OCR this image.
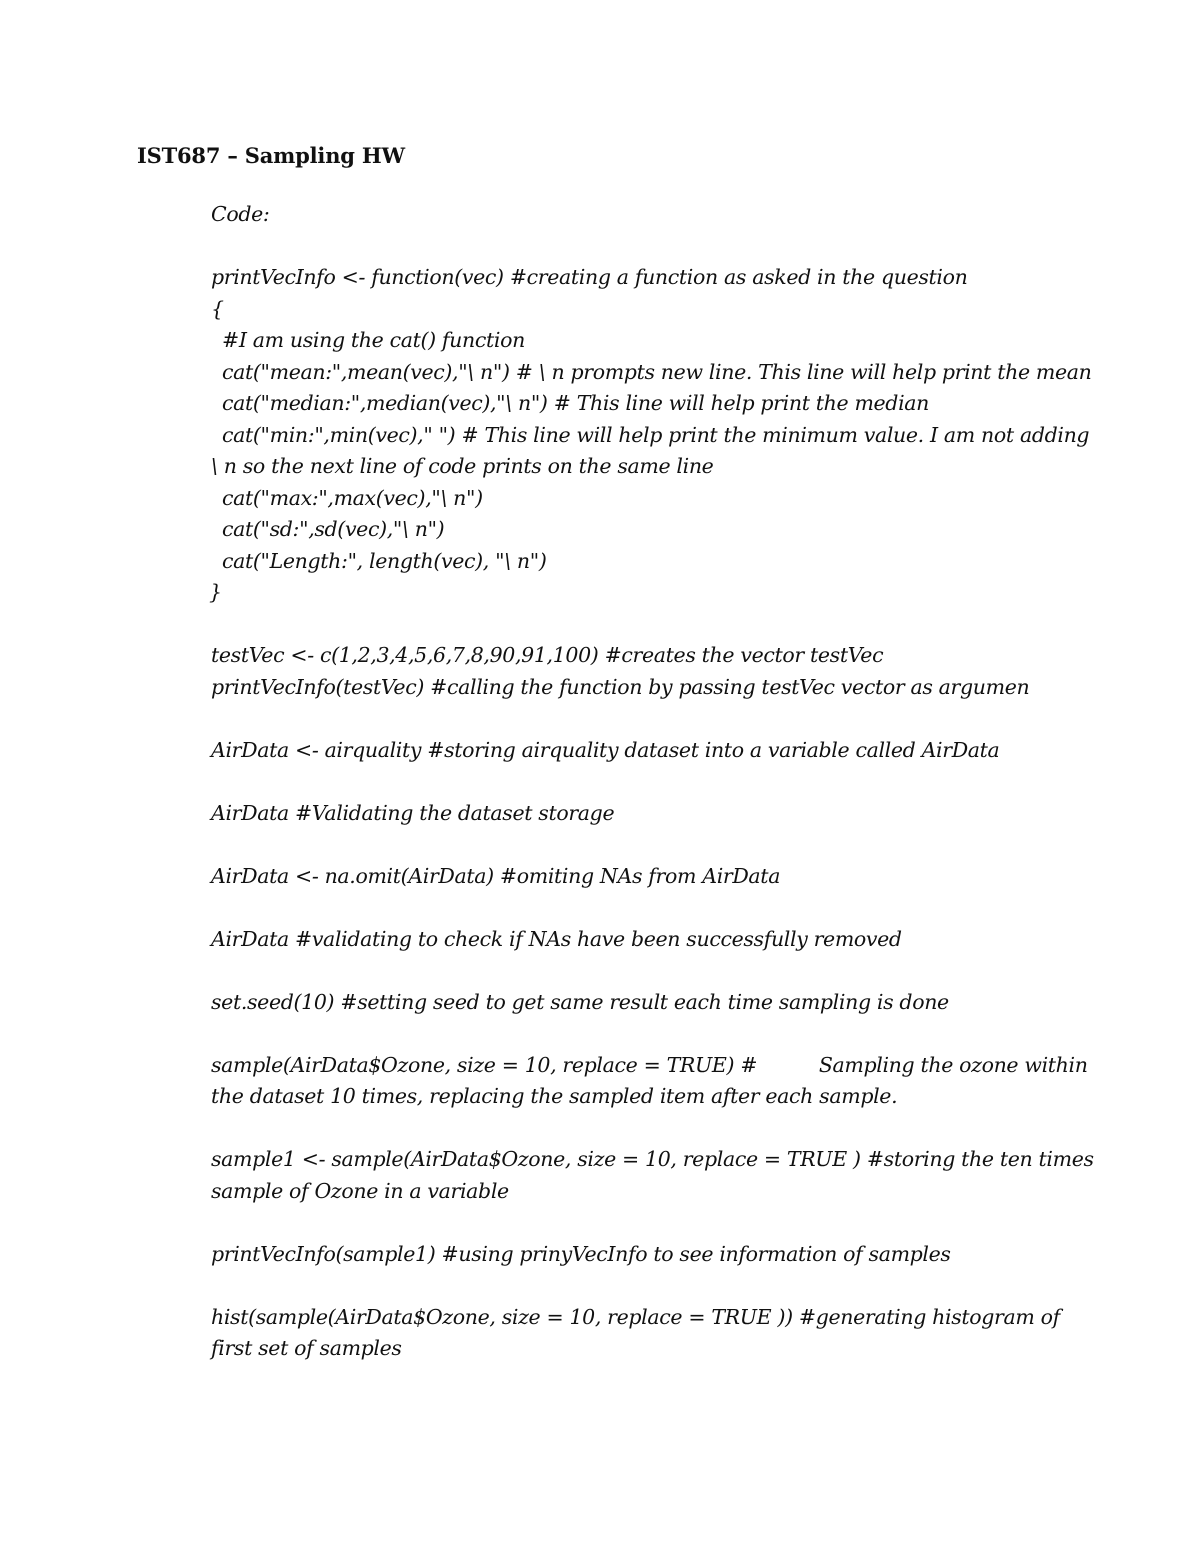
IST687 – Sampling HW
Code:
printVecInfo <- function(vec) #creating a function as asked in the question
{
#I am using the cat() function
cat("mean:",mean(vec),"\ n") # \ n prompts new line. This line will help print the mean
cat("median:",median(vec),"\ n") # This line will help print the median
cat("min:",min(vec)," ") # This line will help print the minimum value. I am not adding
\ n so the next line of code prints on the same line
cat("max:",max(vec),"\ n")
cat("sd:",sd(vec),"\ n")
cat("Length:", length(vec), "\ n")
}
testVec <- c(1,2,3,4,5,6,7,8,90,91,100) #creates the vector testVec
printVecInfo(testVec) #calling the function by passing testVec vector as argumen
AirData <- airquality #storing airquality dataset into a variable called AirData
AirData #Validating the dataset storage
AirData <- na.omit(AirData) #omiting NAs from AirData
AirData #validating to check if NAs have been successfully removed
set.seed(10) #setting seed to get same result each time sampling is done
sample(AirData$Ozone, size = 10, replace = TRUE) #          Sampling the ozone within
the dataset 10 times, replacing the sampled item after each sample.
sample1 <- sample(AirData$Ozone, size = 10, replace = TRUE ) #storing the ten times
sample of Ozone in a variable
printVecInfo(sample1) #using prinyVecInfo to see information of samples
hist(sample(AirData$Ozone, size = 10, replace = TRUE )) #generating histogram of
first set of samples
